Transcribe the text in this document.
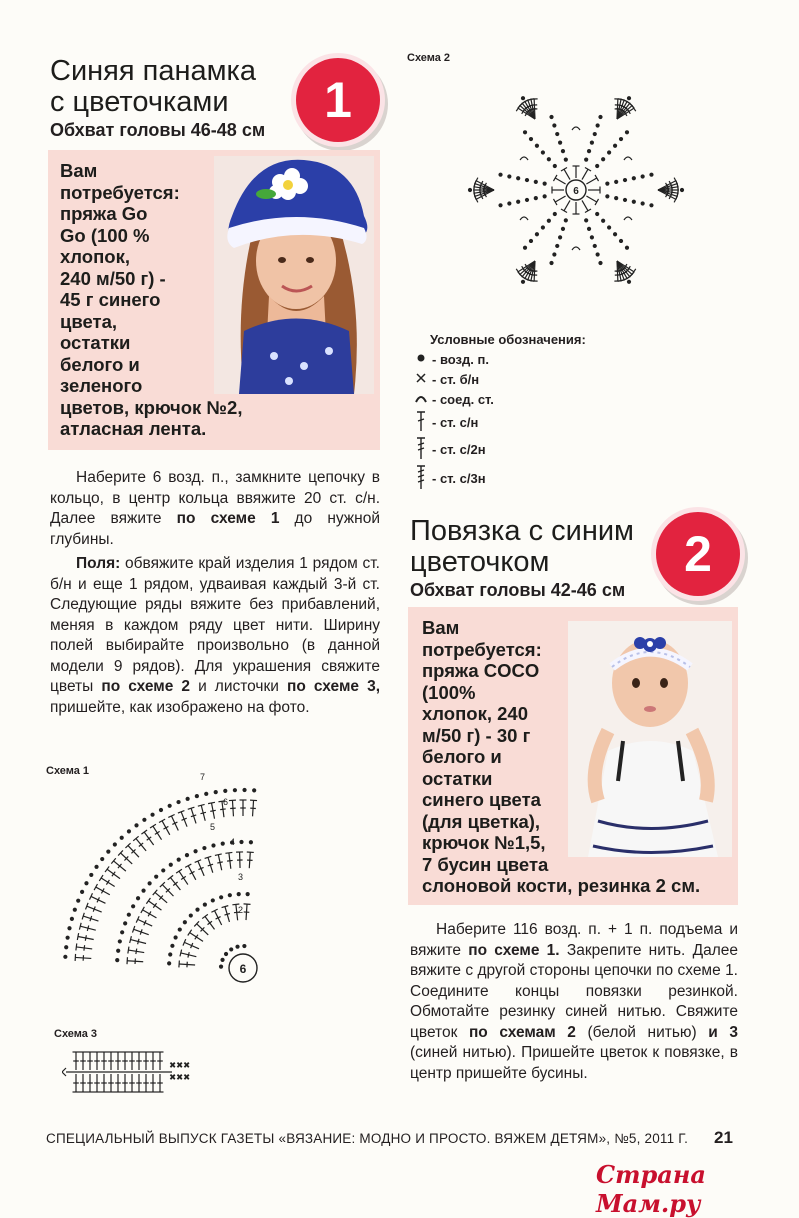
Синяя панамка
с цветочками	1
Обхват головы 46-48 см
Вам
потребуется:
пряжа Go
Go (100 %
хлопок,
240 м/50 г) -
45 г синего
цвета,
остатки
белого и
зеленого
цветов, крючок №2,
атласная лента.

Наберите 6 возд. п., замкните цепочку в кольцо, в центр кольца ввяжите 20 ст. с/н. Далее вяжите по схеме 1 до нужной глубины.

Поля: обвяжите край изделия 1 рядом ст. б/н и еще 1 рядом, удваивая каждый 3-й ст. Следующие ряды вяжите без прибавлений, меняя в каждом ряду цвет нити. Ширину полей выбирайте произвольно (в данной модели 9 рядов). Для украшения свяжите цветы по схеме 2 и листочки по схеме 3, пришейте, как изображено на фото.

Схема 1
6
2
3
4
5
6
7
Схема 3
×
×
×
×
×
×
Схема 2
6
Условные обозначения:
- возд. п.
- ст. б/н
- соед. ст.
- ст. с/н
- ст. с/2н
- ст. с/3н
Повязка с синим
цветочком	2
Обхват головы 42-46 см
Вам
потребуется:
пряжа COCO
(100%
хлопок, 240
м/50 г) - 30 г
белого и
остатки
синего цвета
(для цветка),
крючок №1,5,
7 бусин цвета
слоновой кости, резинка 2 см.

Наберите 116 возд. п. + 1 п. подъема и вяжите по схеме 1. Закрепите нить. Далее вяжите с другой стороны цепочки по схеме 1. Соедините концы повязки резинкой. Обмотайте резинку синей нитью. Свяжите цветок по схемам 2 (белой нитью) и 3 (синей нитью). Пришейте цветок к повязке, в центр пришейте бусины.

СПЕЦИАЛЬНЫЙ ВЫПУСК ГАЗЕТЫ «ВЯЗАНИЕ: МОДНО И ПРОСТО. ВЯЖЕМ ДЕТЯМ», №5, 2011 Г. 21
Страна Мам.ру
